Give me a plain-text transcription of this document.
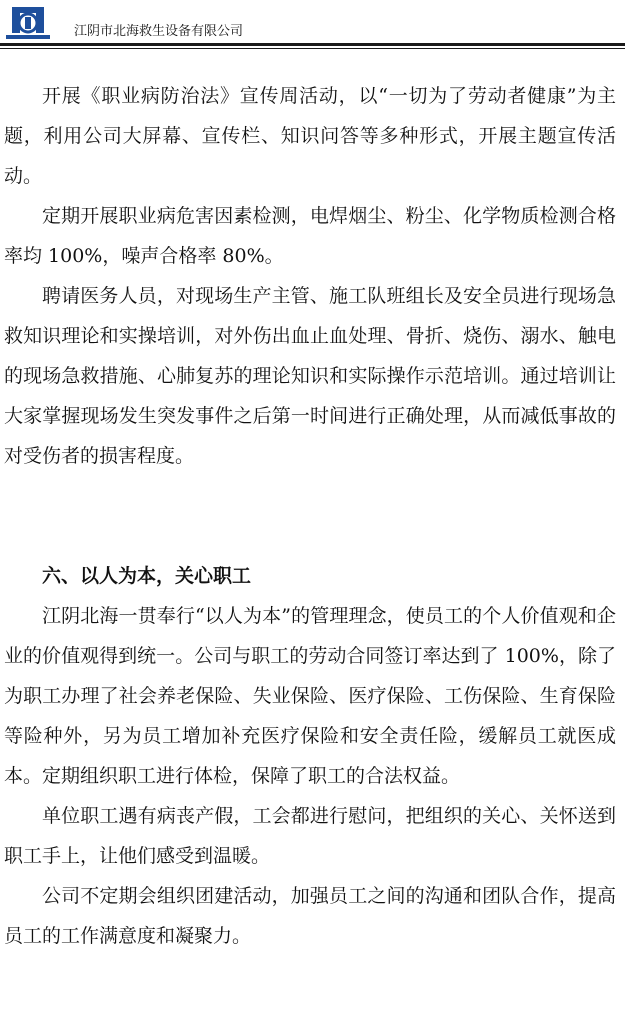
江阴市北海救生设备有限公司

开展《职业病防治法》宣传周活动，以“一切为了劳动者健康”为主题，利用公司大屏幕、宣传栏、知识问答等多种形式，开展主题宣传活动。

定期开展职业病危害因素检测，电焊烟尘、粉尘、化学物质检测合格率均 100%，噪声合格率 80%。

聘请医务人员，对现场生产主管、施工队班组长及安全员进行现场急救知识理论和实操培训，对外伤出血止血处理、骨折、烧伤、溺水、触电的现场急救措施、心肺复苏的理论知识和实际操作示范培训。通过培训让大家掌握现场发生突发事件之后第一时间进行正确处理，从而减低事故的对受伤者的损害程度。

六、以人为本，关心职工

江阴北海一贯奉行“以人为本”的管理理念，使员工的个人价值观和企业的价值观得到统一。公司与职工的劳动合同签订率达到了 100%，除了为职工办理了社会养老保险、失业保险、医疗保险、工伤保险、生育保险等险种外，另为员工增加补充医疗保险和安全责任险，缓解员工就医成本。定期组织职工进行体检，保障了职工的合法权益。

单位职工遇有病丧产假，工会都进行慰问，把组织的关心、关怀送到职工手上，让他们感受到温暖。

公司不定期会组织团建活动，加强员工之间的沟通和团队合作，提高员工的工作满意度和凝聚力。
